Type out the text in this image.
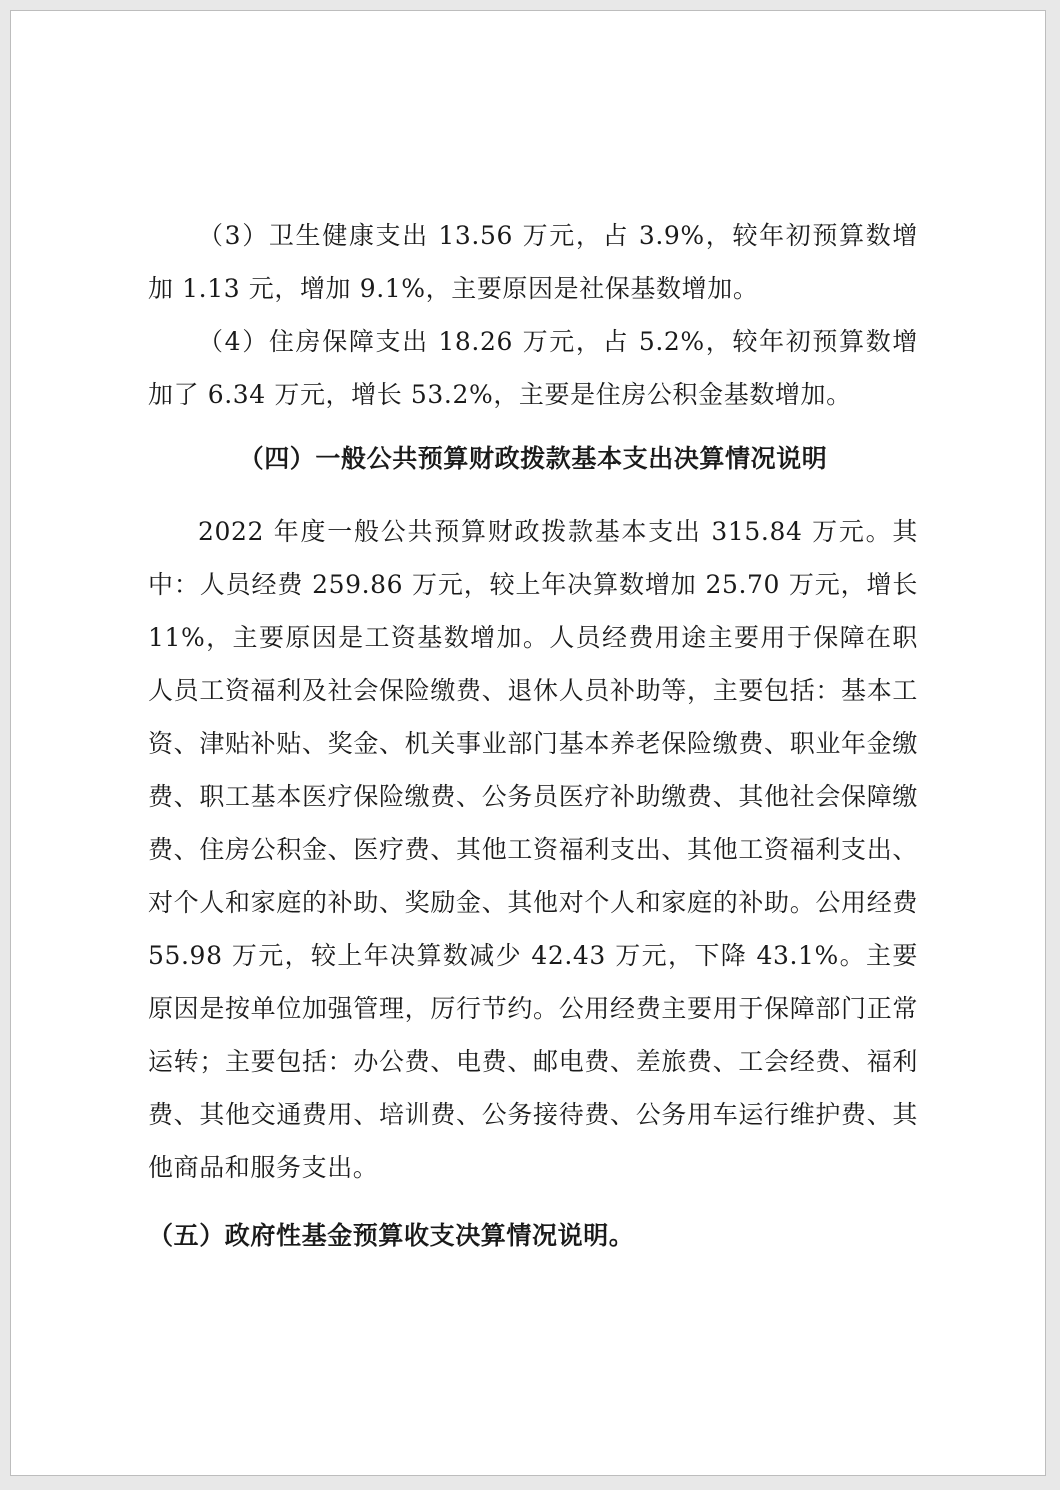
（3）卫生健康支出 13.56 万元，占 3.9%，较年初预算数增加 1.13 元，增加 9.1%，主要原因是社保基数增加。

（4）住房保障支出 18.26 万元，占 5.2%，较年初预算数增加了 6.34 万元，增长 53.2%，主要是住房公积金基数增加。

（四）一般公共预算财政拨款基本支出决算情况说明

2022 年度一般公共预算财政拨款基本支出 315.84 万元。其中：人员经费 259.86 万元，较上年决算数增加 25.70 万元，增长 11%，主要原因是工资基数增加。人员经费用途主要用于保障在职人员工资福利及社会保险缴费、退休人员补助等，主要包括：基本工资、津贴补贴、奖金、机关事业部门基本养老保险缴费、职业年金缴费、职工基本医疗保险缴费、公务员医疗补助缴费、其他社会保障缴费、住房公积金、医疗费、其他工资福利支出、其他工资福利支出、对个人和家庭的补助、奖励金、其他对个人和家庭的补助。公用经费 55.98 万元，较上年决算数减少 42.43 万元，下降 43.1%。主要原因是按单位加强管理，厉行节约。公用经费主要用于保障部门正常运转；主要包括：办公费、电费、邮电费、差旅费、工会经费、福利费、其他交通费用、培训费、公务接待费、公务用车运行维护费、其他商品和服务支出。

（五）政府性基金预算收支决算情况说明。
